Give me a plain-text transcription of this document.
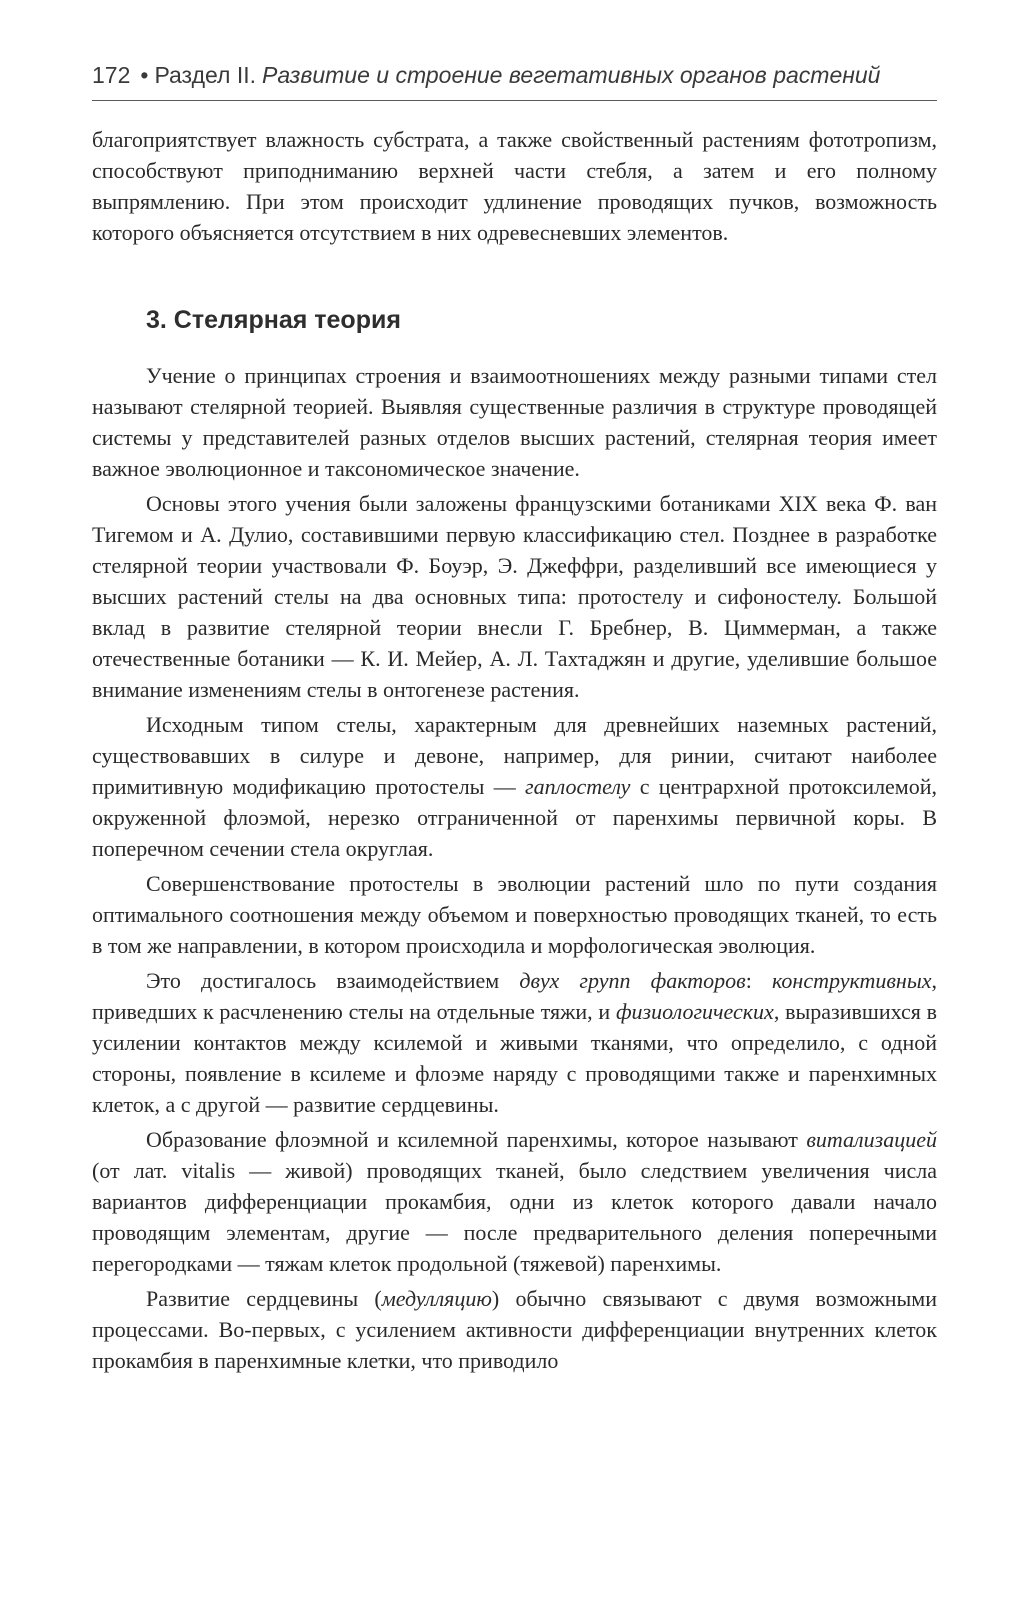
172 • Раздел II. Развитие и строение вегетативных органов растений

благоприятствует влажность субстрата, а также свойственный растениям фототропизм, способствуют приподниманию верхней части стебля, а затем и его полному выпрямлению. При этом происходит удлинение проводящих пучков, возможность которого объясняется отсутствием в них одревесневших элементов.

3. Стелярная теория

Учение о принципах строения и взаимоотношениях между разными типами стел называют стелярной теорией. Выявляя существенные различия в структуре проводящей системы у представителей разных отделов высших растений, стелярная теория имеет важное эволюционное и таксономическое значение.

Основы этого учения были заложены французскими ботаниками XIX века Ф. ван Тигемом и А. Дулио, составившими первую классификацию стел. Позднее в разработке стелярной теории участвовали Ф. Боуэр, Э. Джеффри, разделивший все имеющиеся у высших растений стелы на два основных типа: протостелу и сифоностелу. Большой вклад в развитие стелярной теории внесли Г. Бребнер, В. Циммерман, а также отечественные ботаники — К. И. Мейер, А. Л. Тахтаджян и другие, уделившие большое внимание изменениям стелы в онтогенезе растения.

Исходным типом стелы, характерным для древнейших наземных растений, существовавших в силуре и девоне, например, для ринии, считают наиболее примитивную модификацию протостелы — гаплостелу с центрархной протоксилемой, окруженной флоэмой, нерезко отграниченной от паренхимы первичной коры. В поперечном сечении стела округлая.

Совершенствование протостелы в эволюции растений шло по пути создания оптимального соотношения между объемом и поверхностью проводящих тканей, то есть в том же направлении, в котором происходила и морфологическая эволюция.

Это достигалось взаимодействием двух групп факторов: конструктивных, приведших к расчленению стелы на отдельные тяжи, и физиологических, выразившихся в усилении контактов между ксилемой и живыми тканями, что определило, с одной стороны, появление в ксилеме и флоэме наряду с проводящими также и паренхимных клеток, а с другой — развитие сердцевины.

Образование флоэмной и ксилемной паренхимы, которое называют витализацией (от лат. vitalis — живой) проводящих тканей, было следствием увеличения числа вариантов дифференциации прокамбия, одни из клеток которого давали начало проводящим элементам, другие — после предварительного деления поперечными перегородками — тяжам клеток продольной (тяжевой) паренхимы.

Развитие сердцевины (медулляцию) обычно связывают с двумя возможными процессами. Во-первых, с усилением активности дифференциации внутренних клеток прокамбия в паренхимные клетки, что приводило
